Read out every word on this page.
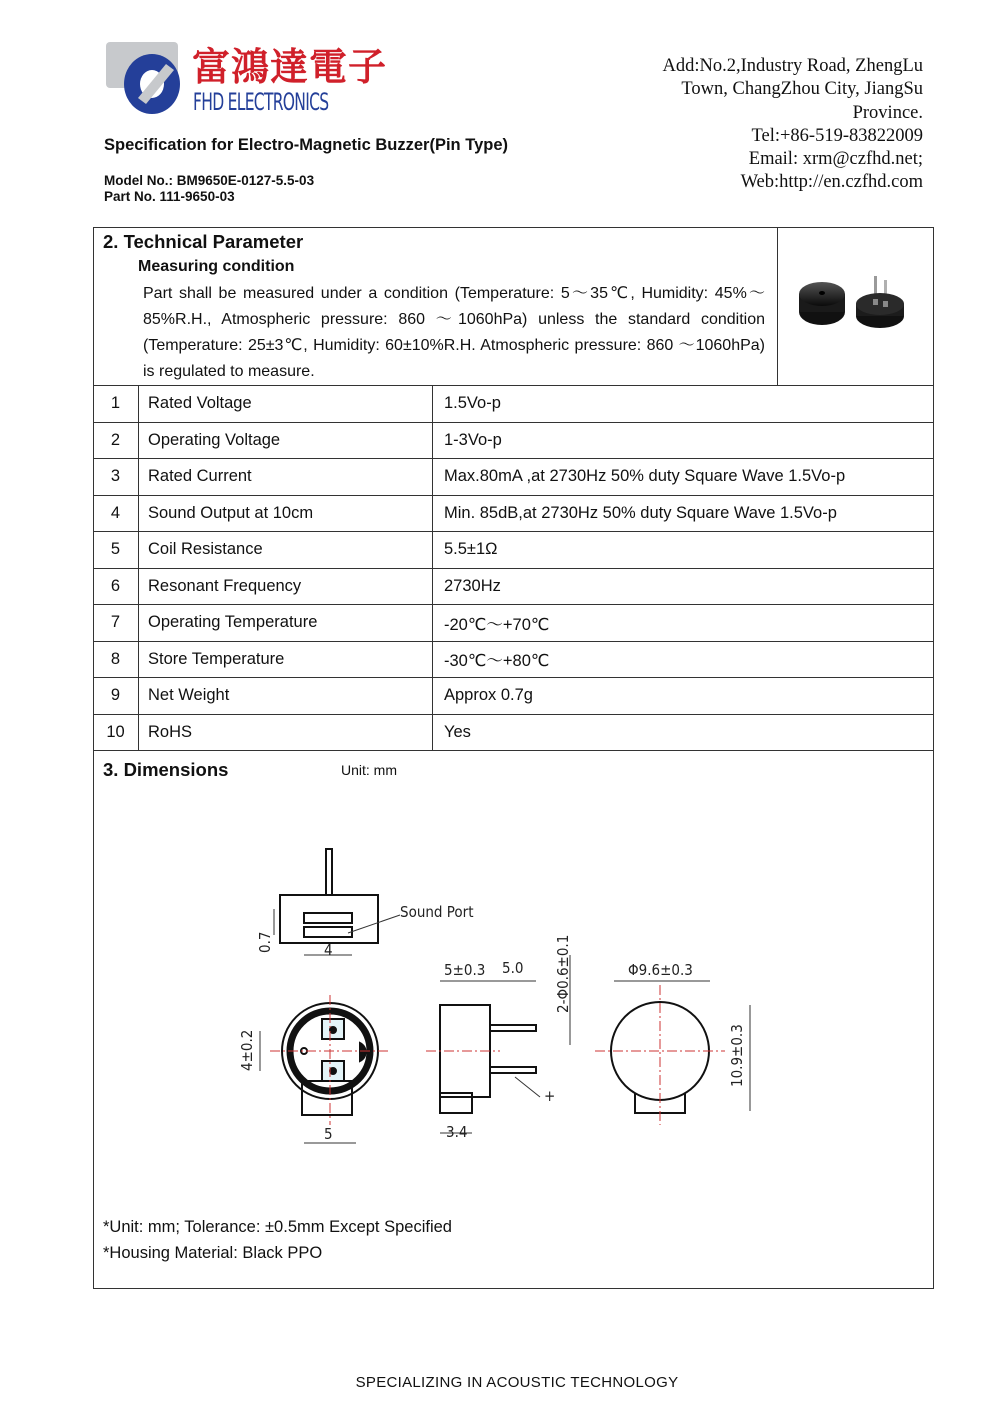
富鴻達電子
FHD ELECTRONICS
Specification for Electro-Magnetic Buzzer(Pin Type)
Model No.: BM9650E-0127-5.5-03
Part No. 111-9650-03
Add:No.2,Industry Road, ZhengLu
Town, ChangZhou City, JiangSu
Province.
Tel:+86-519-83822009
Email: xrm@czfhd.net;
Web:http://en.czfhd.com
2. Technical Parameter
Measuring condition
Part shall be measured under a condition (Temperature: 5～35℃, Humidity: 45%～85%R.H., Atmospheric pressure: 860 ～1060hPa) unless the standard condition (Temperature: 25±3℃, Humidity: 60±10%R.H. Atmospheric pressure: 860 ～1060hPa) is regulated to measure.
1	Rated Voltage	1.5Vo-p
2	Operating Voltage	1-3Vo-p
3	Rated Current	Max.80mA ,at 2730Hz 50% duty Square Wave 1.5Vo-p
4	Sound Output at 10cm	Min. 85dB,at 2730Hz 50% duty Square Wave 1.5Vo-p
5	Coil Resistance	5.5±1Ω
6	Resonant Frequency	2730Hz
7	Operating Temperature	-20℃～+70℃
8	Store Temperature	-30℃～+80℃
9	Net Weight	Approx 0.7g
10	RoHS	Yes
3. Dimensions	Unit: mm
Sound Port
0.7	4
4±0.2
5
5±0.3 5.0 2-Φ0.6±0.1
3.4
Φ9.6±0.3
10.9±0.3
+
*Unit: mm; Tolerance: ±0.5mm Except Specified
*Housing Material: Black PPO
SPECIALIZING IN ACOUSTIC TECHNOLOGY
